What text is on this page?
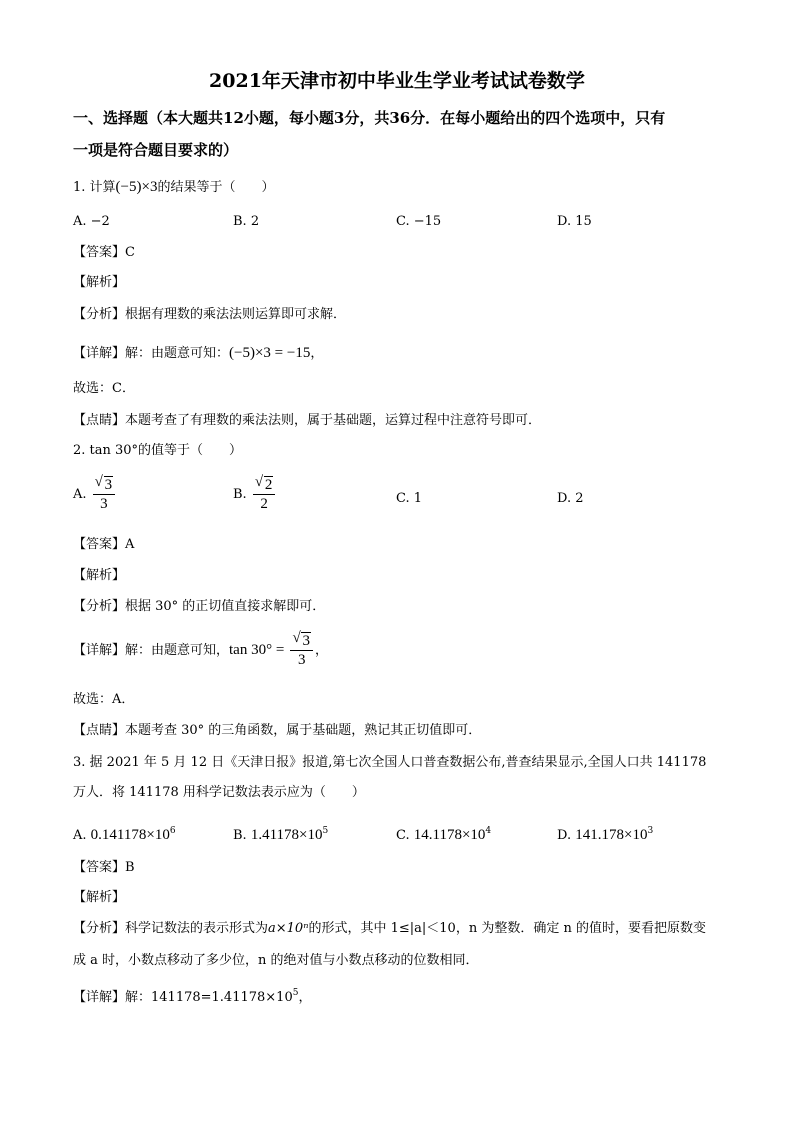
2021年天津市初中毕业生学业考试试卷数学
一、选择题（本大题共12小题，每小题3分，共36分．在每小题给出的四个选项中，只有
一项是符合题目要求的）
1. 计算(−5)×3的结果等于（　　）
A. −2	B. 2	C. −15	D. 15
【答案】C
【解析】
【分析】根据有理数的乘法法则运算即可求解．
【详解】解：由题意可知：(−5)×3 = −15，
故选：C．
【点睛】本题考查了有理数的乘法法则，属于基础题，运算过程中注意符号即可．
2. tan 30°的值等于（　　）
A. $\frac{√ 3}{3}$	B. $\frac{√ 2}{2}$	C. 1	D. 2
【答案】A
【解析】
【分析】根据 30° 的正切值直接求解即可．
【详解】解：由题意可知，$\tan 30^\circ = \frac{√ 3}{3}$ ，
故选：A．
【点睛】本题考查 30° 的三角函数，属于基础题，熟记其正切值即可．
3. 据 2021 年 5 月 12 日《天津日报》报道,第七次全国人口普查数据公布,普查结果显示,全国人口共 141178
万人．将 141178 用科学记数法表示应为（　　）
A. $0.141178\times 10^6$	B. $1.41178\times 10^5$	C. $14.1178\times 10^4$	D. $141.178\times 10^3$
【答案】B
【解析】
【分析】科学记数法的表示形式为a×10ⁿ的形式，其中 1≤|a|＜10，n 为整数．确定 n 的值时，要看把原数变
成 a 时，小数点移动了多少位，n 的绝对值与小数点移动的位数相同．
【详解】解：$141178=1.41178\times 10^5$，
